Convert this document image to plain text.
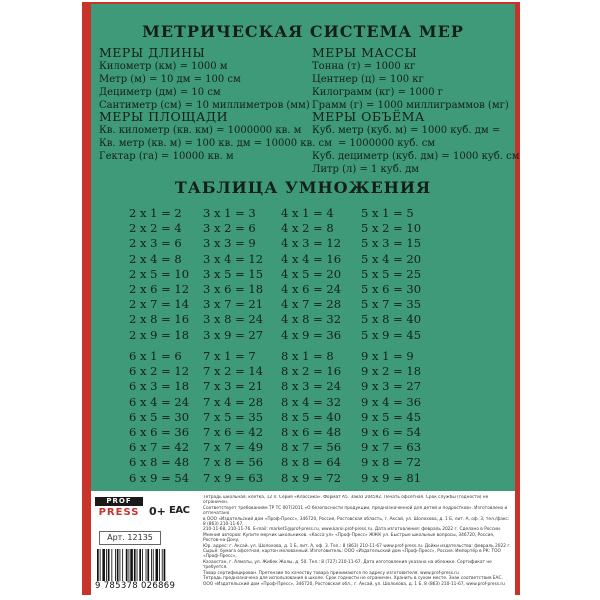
МЕТРИЧЕСКАЯ СИСТЕМА МЕР
МЕРЫ ДЛИНЫ
Километр (км) = 1000 м
Метр (м) = 10 дм = 100 см
Дециметр (дм) = 10 см
Сантиметр (см) = 10 миллиметров (мм)
МЕРЫ МАССЫ
Тонна (т) = 1000 кг
Центнер (ц) = 100 кг
Килограмм (кг) = 1000 г
Грамм (г) = 1000 миллиграммов (мг)
МЕРЫ ПЛОЩАДИ
Кв. километр (кв. км) = 1000000 кв. м
Кв. метр (кв. м) = 100 кв. дм = 10000 кв. см
Гектар (га) = 10000 кв. м
МЕРЫ ОБЪЁМА
Куб. метр (куб. м) = 1000 куб. дм =
= 1000000 куб. см
Куб. дециметр (куб. дм) = 1000 куб. см
Литр (л) = 1 куб. дм
ТАБЛИЦА УМНОЖЕНИЯ
2 x 1 = 2
2 x 2 = 4
2 x 3 = 6
2 x 4 = 8
2 x 5 = 10
2 x 6 = 12
2 x 7 = 14
2 x 8 = 16
2 x 9 = 18
3 x 1 = 3
3 x 2 = 6
3 x 3 = 9
3 x 4 = 12
3 x 5 = 15
3 x 6 = 18
3 x 7 = 21
3 x 8 = 24
3 x 9 = 27
4 x 1 = 4
4 x 2 = 8
4 x 3 = 12
4 x 4 = 16
4 x 5 = 20
4 x 6 = 24
4 x 7 = 28
4 x 8 = 32
4 x 9 = 36
5 x 1 = 5
5 x 2 = 10
5 x 3 = 15
5 x 4 = 20
5 x 5 = 25
5 x 6 = 30
5 x 7 = 35
5 x 8 = 40
5 x 9 = 45
6 x 1 = 6
6 x 2 = 12
6 x 3 = 18
6 x 4 = 24
6 x 5 = 30
6 x 6 = 36
6 x 7 = 42
6 x 8 = 48
6 x 9 = 54
7 x 1 = 7
7 x 2 = 14
7 x 3 = 21
7 x 4 = 28
7 x 5 = 35
7 x 6 = 42
7 x 7 = 49
7 x 8 = 56
7 x 9 = 63
8 x 1 = 8
8 x 2 = 16
8 x 3 = 24
8 x 4 = 32
8 x 5 = 40
8 x 6 = 48
8 x 7 = 56
8 x 8 = 64
8 x 9 = 72
9 x 1 = 9
9 x 2 = 18
9 x 3 = 27
9 x 4 = 36
9 x 5 = 45
9 x 6 = 54
9 x 7 = 63
9 x 8 = 72
9 x 9 = 81
PROF
PRESS 0+ EAC
Арт. 12135
9 785378 026869

Тетрадь школьная, клетка, 12 л. Серия «Классика». Формат А5. Заказ 204592. Печать офсетная. Срок службы (годности) не ограничен.

Соответствует требованиям ТР ТС 007/2011 «О безопасности продукции, предназначенной для детей и подростков». Изготовлено и отпечатано

в ООО «Издательский дом «Проф-Пресс», 346720, Россия, Ростовская область, г. Аксай, ул. Шолохова, д. 1 Б, лит. А, оф. 3; тел./факс: 8 (863) 210-11-67,

210-11-68, 210-11-76. E-mail: market1@prof-press.ru, www.karoi.prof-press.ru. Дата изготовления: февраль 2022 г. Сделано в России.

Мнения авторов: Купите мерчик школьников. «Касса ул» «Проф-Пресс» ЖЖК ул. Быстрые школьные вопросы, 346720, Россия, Ростов-на-Дону,

Юр. адрес: г. Аксай, ул. Шолохова, д. 1 Б, лит. А, оф. 3. Тел.: 8 (863) 210-11-67 www.prof-press.ru. Дойки издательства: февраль 2022 г.

Сырьё: бумага офсетная, картон мелованный. Изготовитель: ООО «Издательский дом «Проф-Пресс», Россия. Импортёр в РК: ТОО «Проф-Пресс»,

Казахстан, г. Алматы, ул. Жибек Жолы, д. 50. Тел.: 8 (727) 210-11-67. Дата изготовления указана на обложке. Сертификат не требуется.

Товар сертифицирован. Претензии по качеству товара принимаются по адресу изготовителя. www.prof-press.ru

Тетрадь предназначена для использования в школе. Срок годности не ограничен. Хранить в сухом месте. Знак соответствия ЕАС.

ООО «Издательский дом «Проф-Пресс», 346720, Ростовская обл., г. Аксай, ул. Шолохова, д. 1 Б. 8 (863) 210-11-67, www.prof-press.ru
